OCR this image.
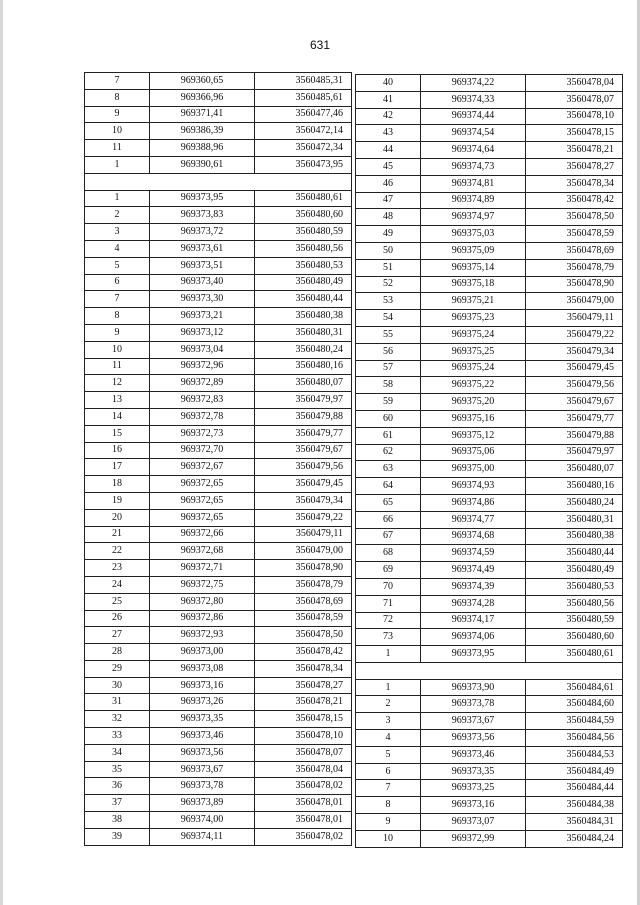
631
7	969360,65	3560485,31
8	969366,96	3560485,61
9	969371,41	3560477,46
10	969386,39	3560472,14
11	969388,96	3560472,34
1	969390,61	3560473,95

1	969373,95	3560480,61
2	969373,83	3560480,60
3	969373,72	3560480,59
4	969373,61	3560480,56
5	969373,51	3560480,53
6	969373,40	3560480,49
7	969373,30	3560480,44
8	969373,21	3560480,38
9	969373,12	3560480,31
10	969373,04	3560480,24
11	969372,96	3560480,16
12	969372,89	3560480,07
13	969372,83	3560479,97
14	969372,78	3560479,88
15	969372,73	3560479,77
16	969372,70	3560479,67
17	969372,67	3560479,56
18	969372,65	3560479,45
19	969372,65	3560479,34
20	969372,65	3560479,22
21	969372,66	3560479,11
22	969372,68	3560479,00
23	969372,71	3560478,90
24	969372,75	3560478,79
25	969372,80	3560478,69
26	969372,86	3560478,59
27	969372,93	3560478,50
28	969373,00	3560478,42
29	969373,08	3560478,34
30	969373,16	3560478,27
31	969373,26	3560478,21
32	969373,35	3560478,15
33	969373,46	3560478,10
34	969373,56	3560478,07
35	969373,67	3560478,04
36	969373,78	3560478,02
37	969373,89	3560478,01
38	969374,00	3560478,01
39	969374,11	3560478,02
40	969374,22	3560478,04
41	969374,33	3560478,07
42	969374,44	3560478,10
43	969374,54	3560478,15
44	969374,64	3560478,21
45	969374,73	3560478,27
46	969374,81	3560478,34
47	969374,89	3560478,42
48	969374,97	3560478,50
49	969375,03	3560478,59
50	969375,09	3560478,69
51	969375,14	3560478,79
52	969375,18	3560478,90
53	969375,21	3560479,00
54	969375,23	3560479,11
55	969375,24	3560479,22
56	969375,25	3560479,34
57	969375,24	3560479,45
58	969375,22	3560479,56
59	969375,20	3560479,67
60	969375,16	3560479,77
61	969375,12	3560479,88
62	969375,06	3560479,97
63	969375,00	3560480,07
64	969374,93	3560480,16
65	969374,86	3560480,24
66	969374,77	3560480,31
67	969374,68	3560480,38
68	969374,59	3560480,44
69	969374,49	3560480,49
70	969374,39	3560480,53
71	969374,28	3560480,56
72	969374,17	3560480,59
73	969374,06	3560480,60
1	969373,95	3560480,61

1	969373,90	3560484,61
2	969373,78	3560484,60
3	969373,67	3560484,59
4	969373,56	3560484,56
5	969373,46	3560484,53
6	969373,35	3560484,49
7	969373,25	3560484,44
8	969373,16	3560484,38
9	969373,07	3560484,31
10	969372,99	3560484,24
